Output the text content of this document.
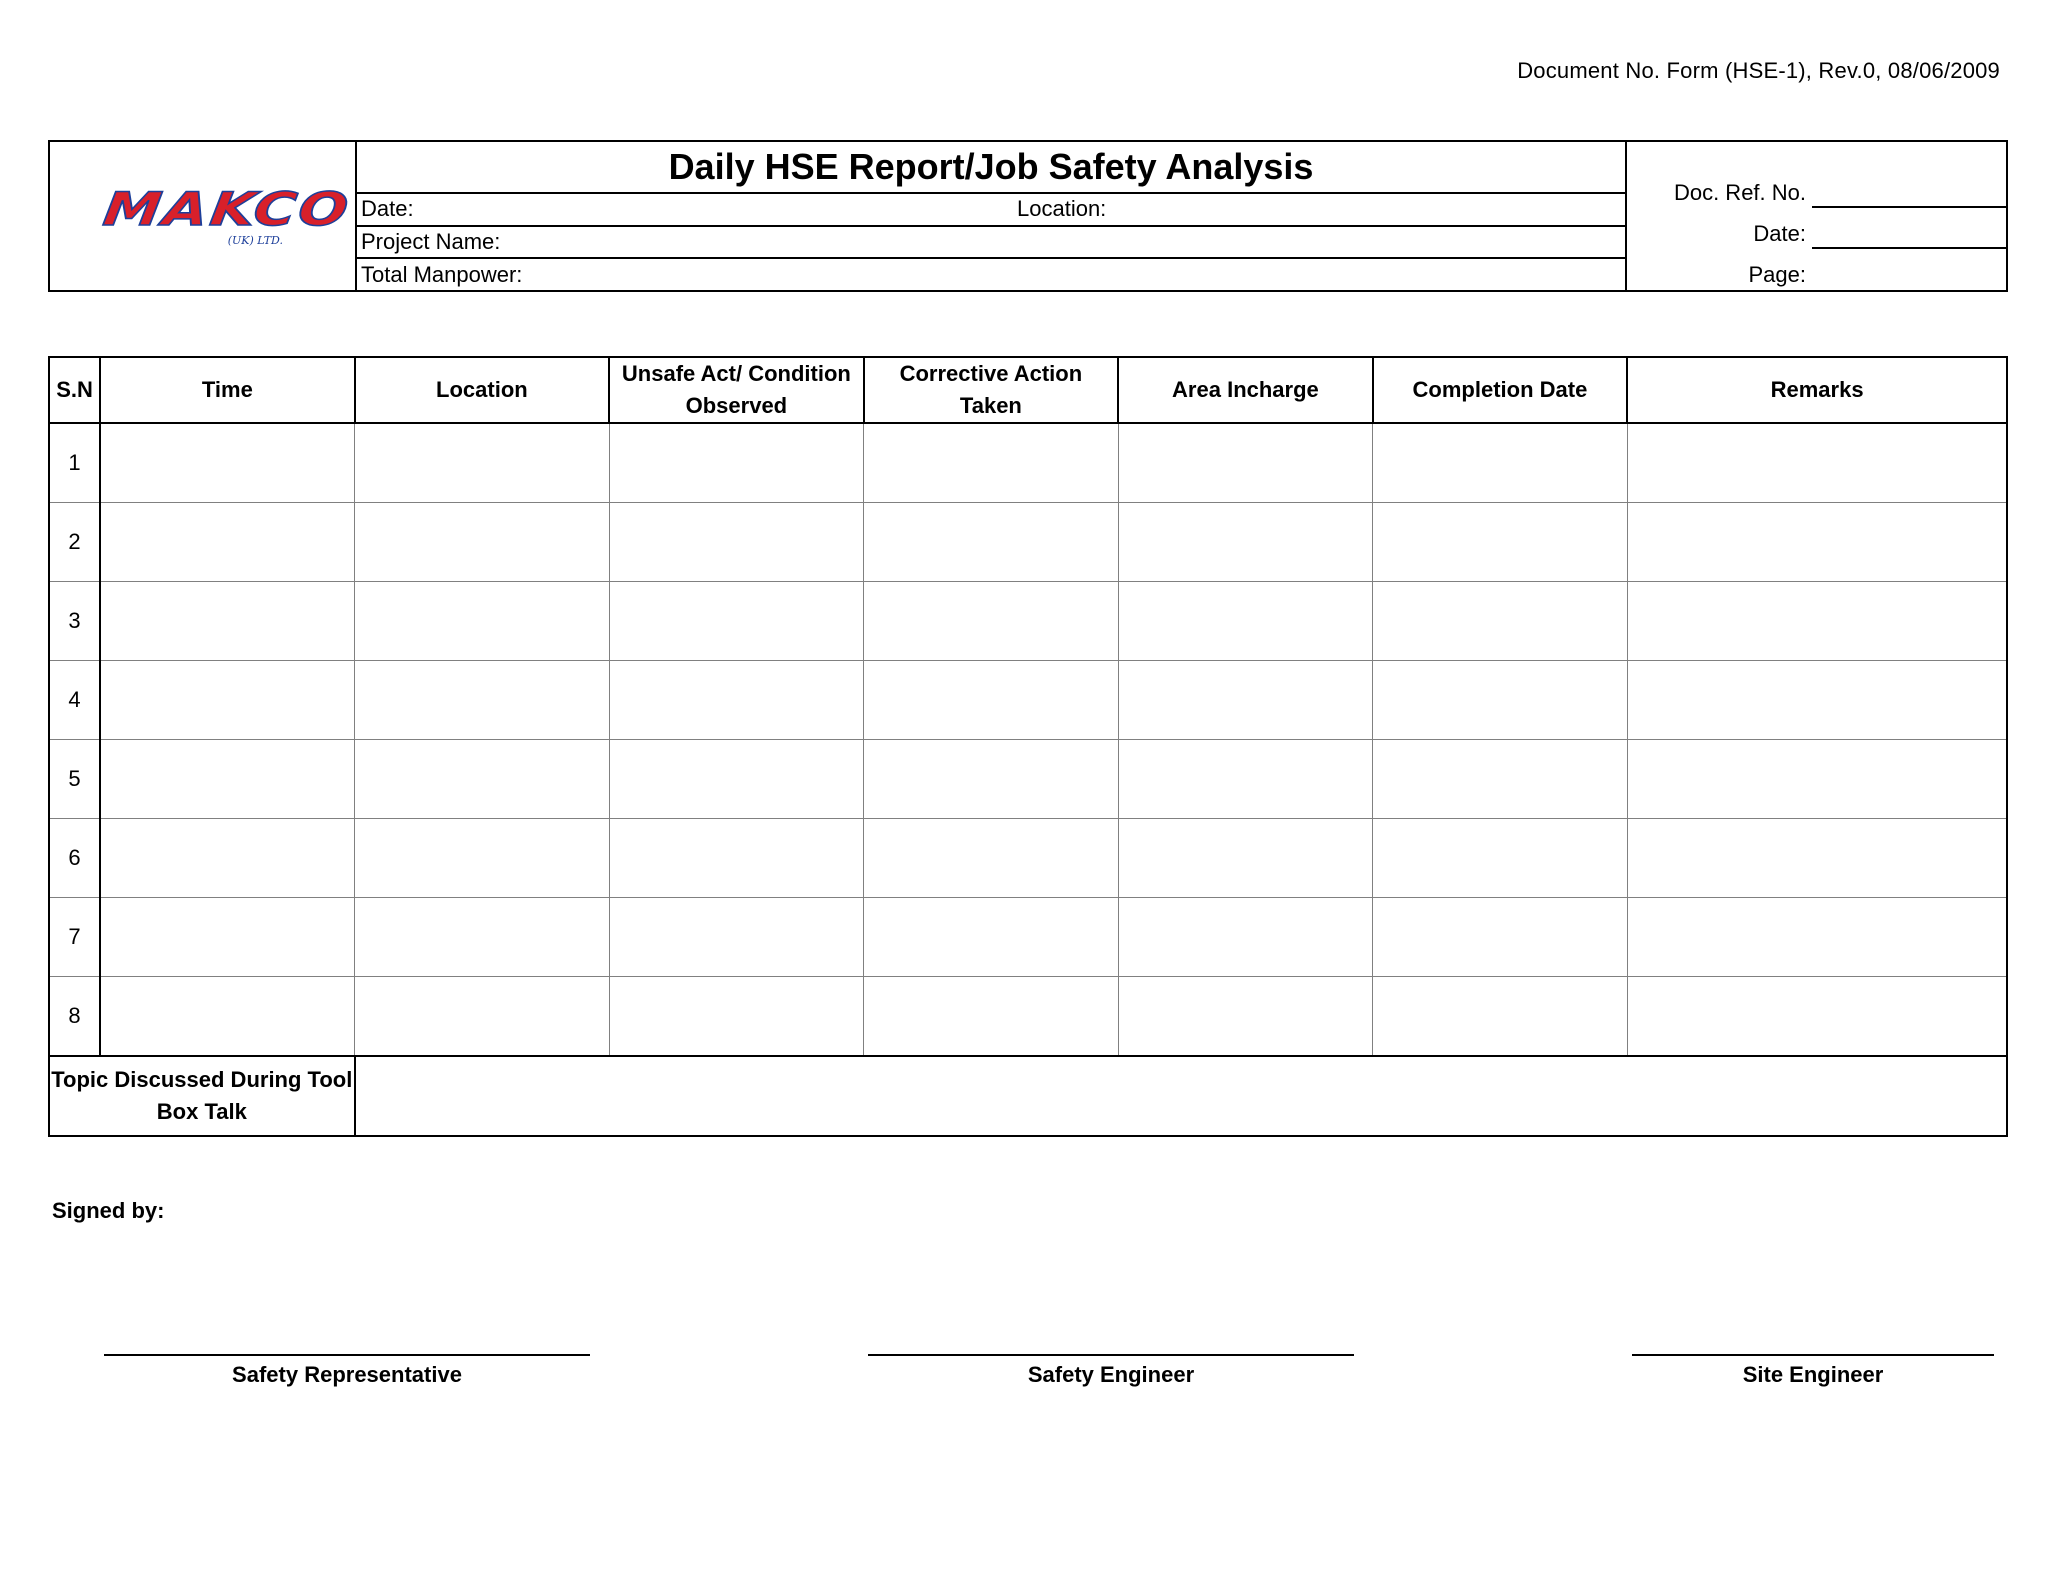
Document No. Form (HSE-1), Rev.0, 08/06/2009
MAKCO
(UK) LTD.
Daily HSE Report/Job Safety Analysis
Date:	Location:
Project Name:
Total Manpower:
Doc. Ref. No.
Date:
Page:
S.N	Time	Location	Unsafe Act/ Condition Observed	Corrective Action Taken	Area Incharge	Completion Date	Remarks
1							
2							
3							
4							
5							
6							
7							
8							
Topic Discussed During Tool Box Talk							
Signed by:
Safety Representative	Safety Engineer	Site Engineer
